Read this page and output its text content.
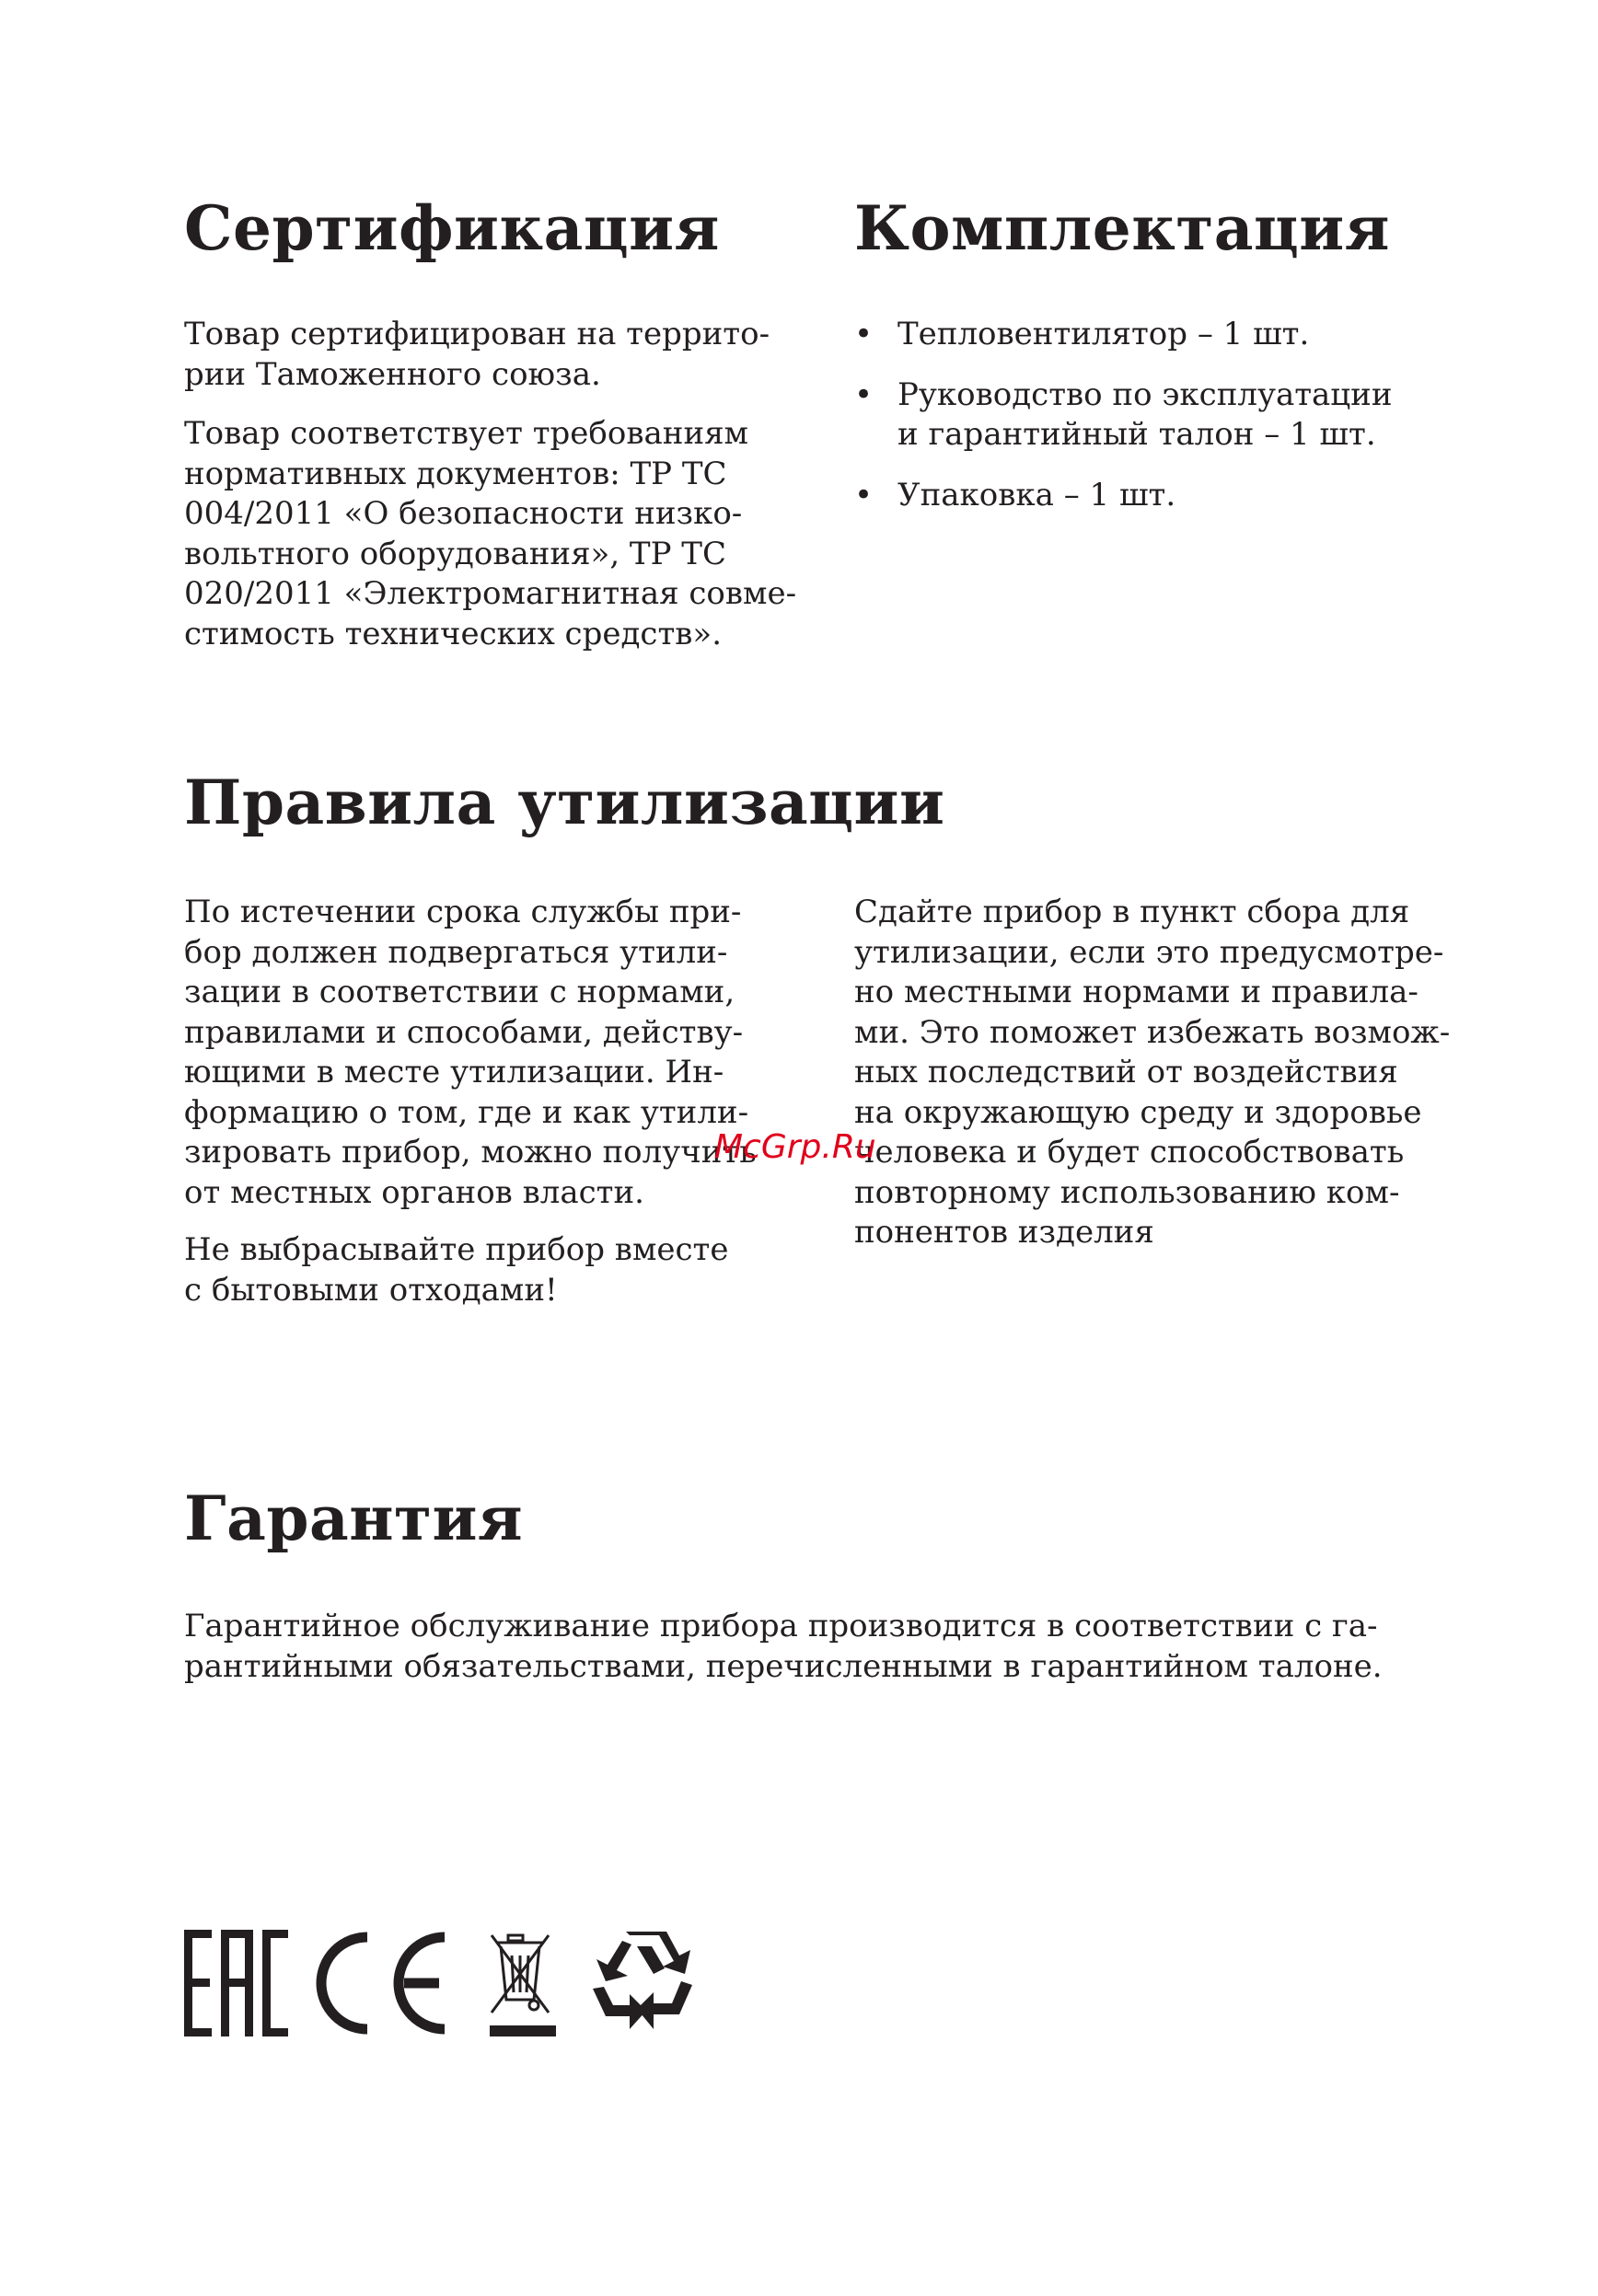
Сертификация

Товар сертифицирован на террито-
рии Таможенного союза.

Товар соответствует требованиям
нормативных документов: ТР ТС
004/2011 «О безопасности низко-
вольтного оборудования», ТР ТС
020/2011 «Электромагнитная совме-
стимость технических средств».

Комплектация
• Тепловентилятор – 1 шт.
• Руководство по эксплуатации
и гарантийный талон – 1 шт.
• Упаковка – 1 шт.
Правила утилизации

По истечении срока службы при-
бор должен подвергаться утили-
зации в соответствии с нормами,
правилами и способами, действу-
ющими в месте утилизации. Ин-
формацию о том, где и как утили-
зировать прибор, можно получить
от местных органов власти.

Не выбрасывайте прибор вместе
с бытовыми отходами!

Сдайте прибор в пункт сбора для
утилизации, если это предусмотре-
но местными нормами и правила-
ми. Это поможет избежать возмож-
ных последствий от воздействия
на окружающую среду и здоровье
человека и будет способствовать
повторному использованию ком-
понентов изделия

Гарантия

Гарантийное обслуживание прибора производится в соответствии с га-
рантийными обязательствами, перечисленными в гарантийном талоне.

McGrp.Ru
